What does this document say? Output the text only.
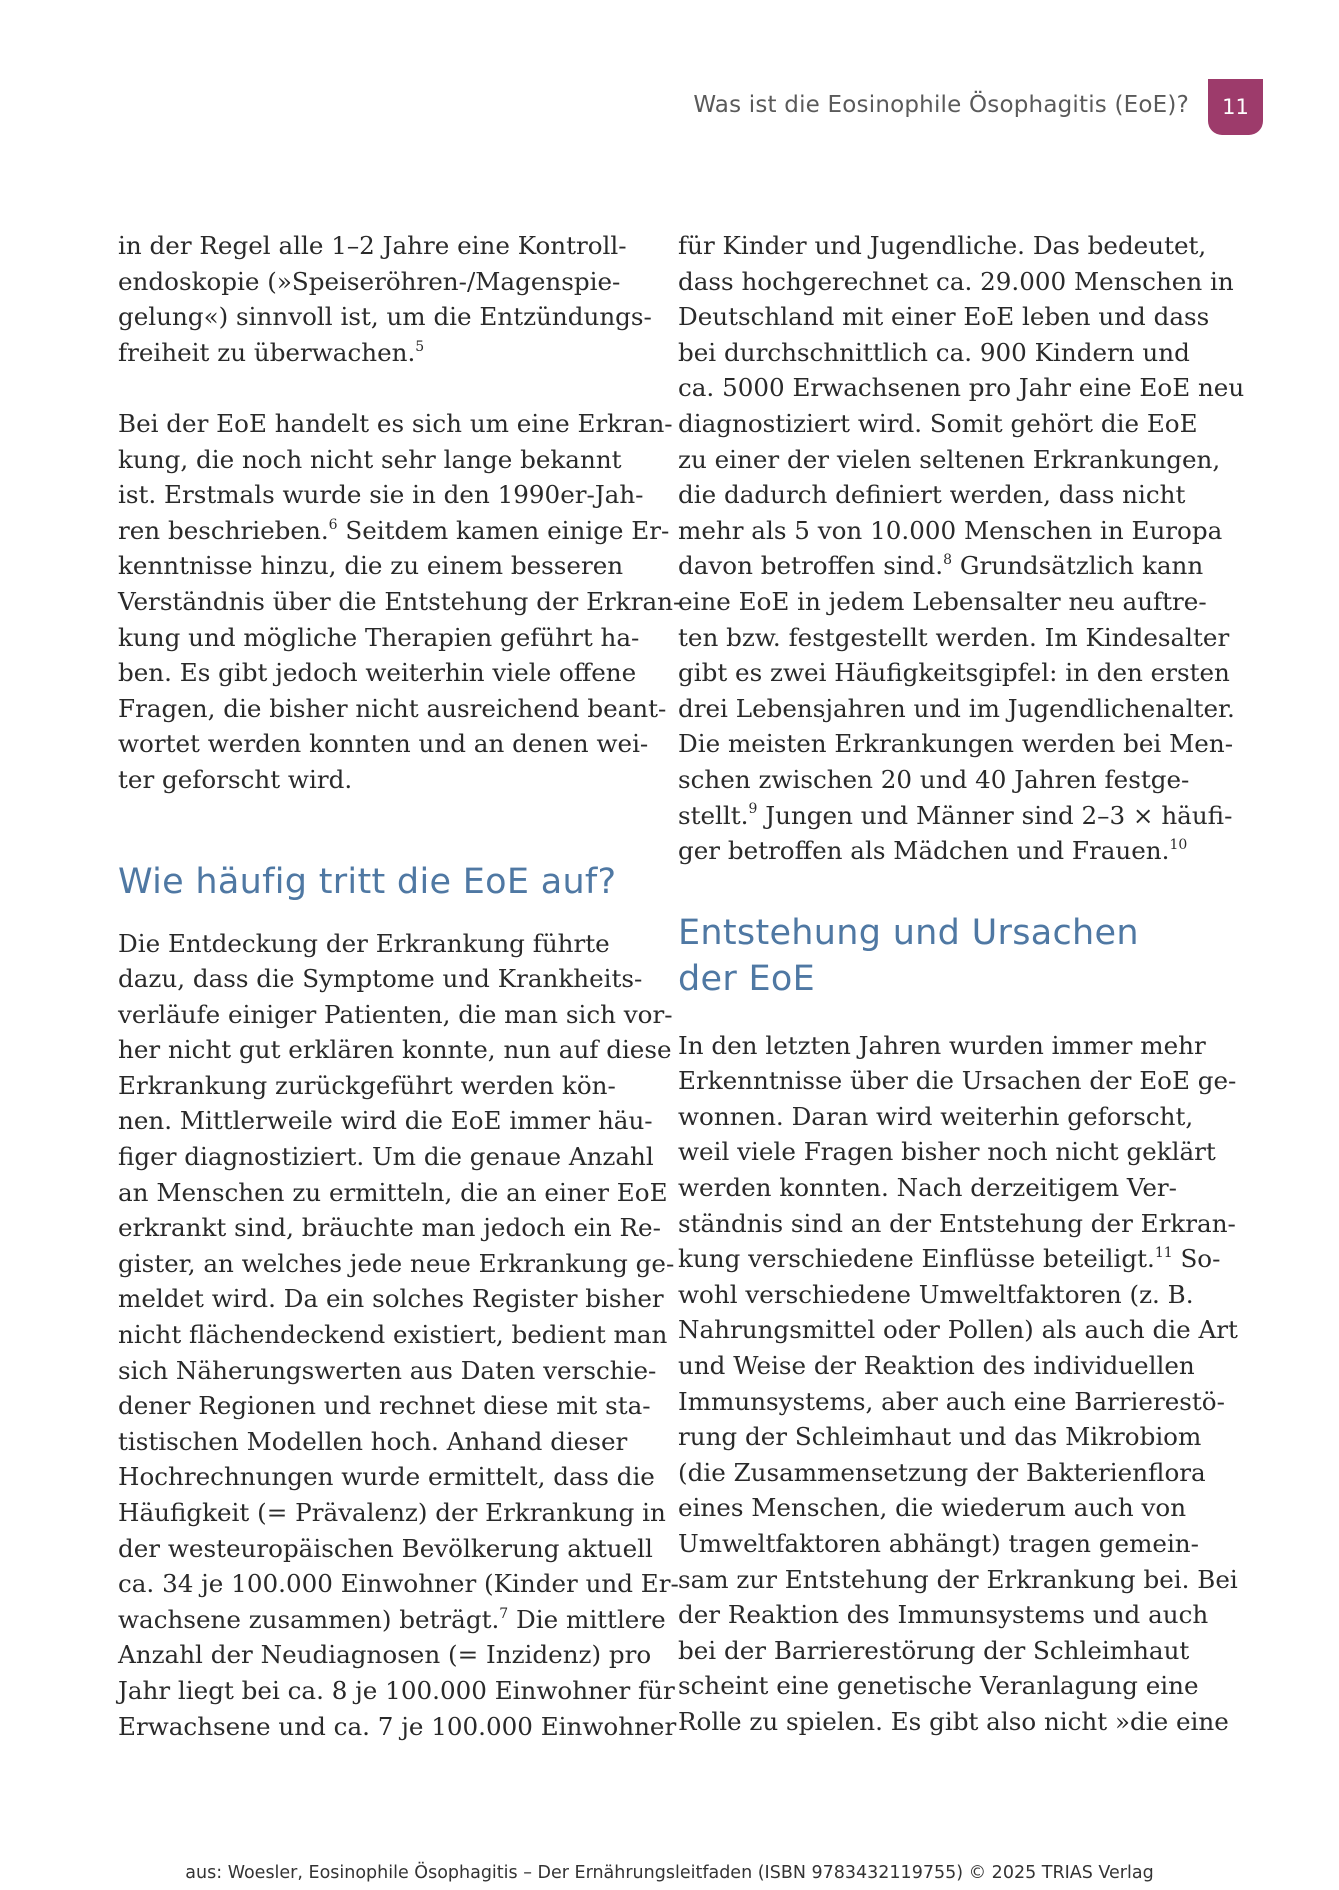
Was ist die Eosinophile Ösophagitis (EoE)?	11
in der Regel alle 1–2 Jahre eine Kontroll-
endoskopie (»Speiseröhren-/Magenspie-
gelung«) sinnvoll ist, um die Entzündungs-
freiheit zu überwachen.$^5$
Bei der EoE handelt es sich um eine Erkran-
kung, die noch nicht sehr lange bekannt
ist. Erstmals wurde sie in den 1990er-Jah-
ren beschrieben.$^6$ Seitdem kamen einige Er-
kenntnisse hinzu, die zu einem besseren
Verständnis über die Entstehung der Erkran-
kung und mögliche Therapien geführt ha-
ben. Es gibt jedoch weiterhin viele offene
Fragen, die bisher nicht ausreichend beant-
wortet werden konnten und an denen wei-
ter geforscht wird.
Wie häufig tritt die EoE auf?
Die Entdeckung der Erkrankung führte
dazu, dass die Symptome und Krankheits-
verläufe einiger Patienten, die man sich vor-
her nicht gut erklären konnte, nun auf diese
Erkrankung zurückgeführt werden kön-
nen. Mittlerweile wird die EoE immer häu-
figer diagnostiziert. Um die genaue Anzahl
an Menschen zu ermitteln, die an einer EoE
erkrankt sind, bräuchte man jedoch ein Re-
gister, an welches jede neue Erkrankung ge-
meldet wird. Da ein solches Register bisher
nicht flächendeckend existiert, bedient man
sich Näherungswerten aus Daten verschie-
dener Regionen und rechnet diese mit sta-
tistischen Modellen hoch. Anhand dieser
Hochrechnungen wurde ermittelt, dass die
Häufigkeit (= Prävalenz) der Erkrankung in
der westeuropäischen Bevölkerung aktuell
ca. 34 je 100.000 Einwohner (Kinder und Er-
wachsene zusammen) beträgt.$^7$ Die mittlere
Anzahl der Neudiagnosen (= Inzidenz) pro
Jahr liegt bei ca. 8 je 100.000 Einwohner für
Erwachsene und ca. 7 je 100.000 Einwohner
für Kinder und Jugendliche. Das bedeutet,
dass hochgerechnet ca. 29.000 Menschen in
Deutschland mit einer EoE leben und dass
bei durchschnittlich ca. 900 Kindern und
ca. 5000 Erwachsenen pro Jahr eine EoE neu
diagnostiziert wird. Somit gehört die EoE
zu einer der vielen seltenen Erkrankungen,
die dadurch definiert werden, dass nicht
mehr als 5 von 10.000 Menschen in Europa
davon betroffen sind.$^8$ Grundsätzlich kann
eine EoE in jedem Lebensalter neu auftre-
ten bzw. festgestellt werden. Im Kindesalter
gibt es zwei Häufigkeitsgipfel: in den ersten
drei Lebensjahren und im Jugendlichenalter.
Die meisten Erkrankungen werden bei Men-
schen zwischen 20 und 40 Jahren festge-
stellt.$^9$ Jungen und Männer sind 2–3 × häufi-
ger betroffen als Mädchen und Frauen.$^{10}$
Entstehung und Ursachen
der EoE
In den letzten Jahren wurden immer mehr
Erkenntnisse über die Ursachen der EoE ge-
wonnen. Daran wird weiterhin geforscht,
weil viele Fragen bisher noch nicht geklärt
werden konnten. Nach derzeitigem Ver-
ständnis sind an der Entstehung der Erkran-
kung verschiedene Einflüsse beteiligt.$^{11}$ So-
wohl verschiedene Umweltfaktoren (z. B.
Nahrungsmittel oder Pollen) als auch die Art
und Weise der Reaktion des individuellen
Immunsystems, aber auch eine Barrierestö-
rung der Schleimhaut und das Mikrobiom
(die Zusammensetzung der Bakterienflora
eines Menschen, die wiederum auch von
Umweltfaktoren abhängt) tragen gemein-
sam zur Entstehung der Erkrankung bei. Bei
der Reaktion des Immunsystems und auch
bei der Barrierestörung der Schleimhaut
scheint eine genetische Veranlagung eine
Rolle zu spielen. Es gibt also nicht »die eine
aus: Woesler, Eosinophile Ösophagitis – Der Ernährungsleitfaden (ISBN 9783432119755) © 2025 TRIAS Verlag
